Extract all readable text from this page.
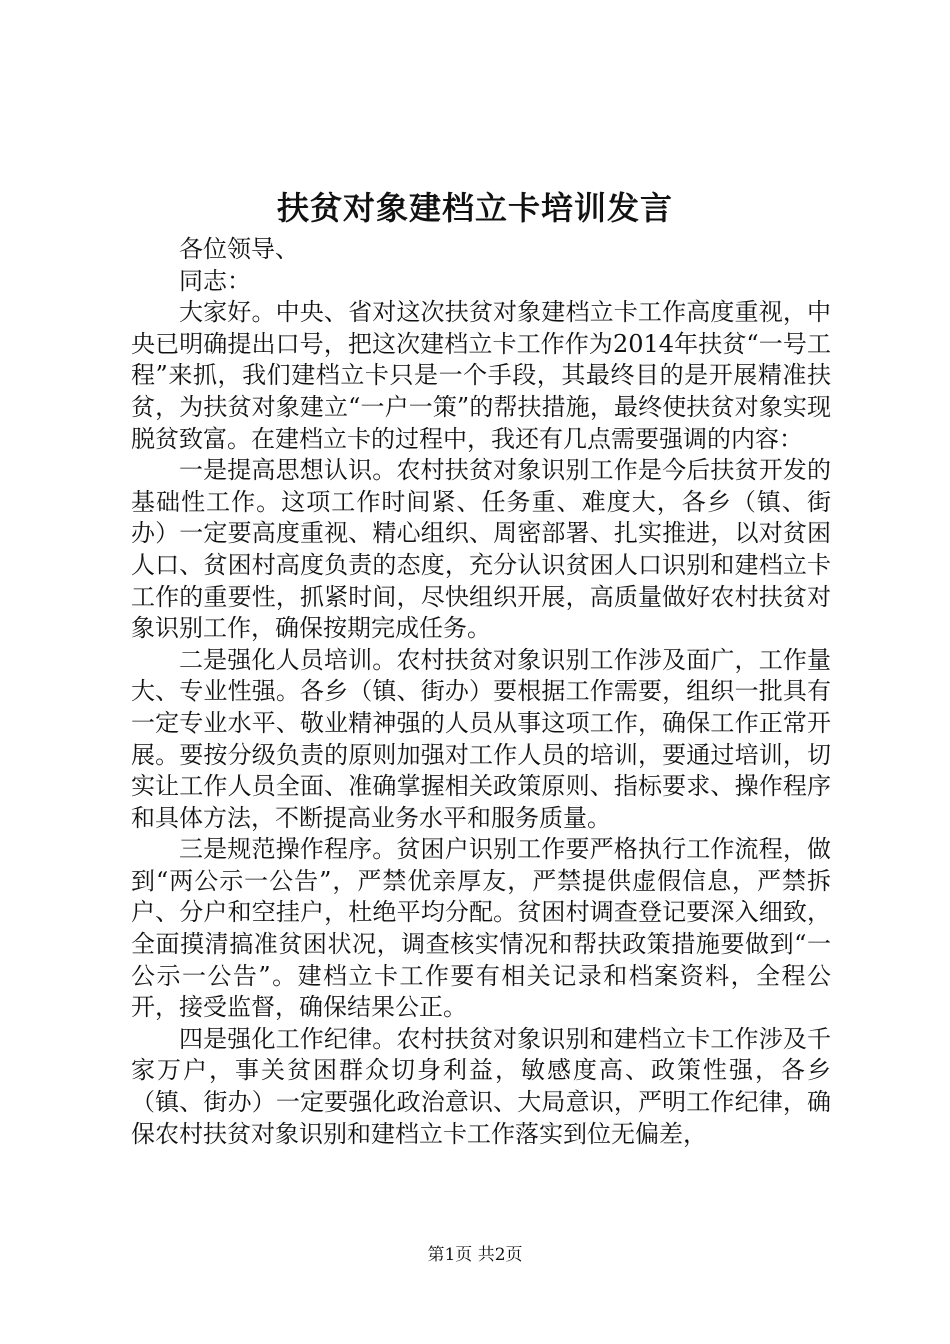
扶贫对象建档立卡培训发言

各位领导、

同志：

大家好。中央、省对这次扶贫对象建档立卡工作高度重视，中央已明确提出口号，把这次建档立卡工作作为2014年扶贫“一号工程”来抓，我们建档立卡只是一个手段，其最终目的是开展精准扶贫，为扶贫对象建立“一户一策”的帮扶措施，最终使扶贫对象实现脱贫致富。在建档立卡的过程中，我还有几点需要强调的内容：

一是提高思想认识。农村扶贫对象识别工作是今后扶贫开发的基础性工作。这项工作时间紧、任务重、难度大，各乡（镇、街办）一定要高度重视、精心组织、周密部署、扎实推进，以对贫困人口、贫困村高度负责的态度，充分认识贫困人口识别和建档立卡工作的重要性，抓紧时间，尽快组织开展，高质量做好农村扶贫对象识别工作，确保按期完成任务。

二是强化人员培训。农村扶贫对象识别工作涉及面广，工作量大、专业性强。各乡（镇、街办）要根据工作需要，组织一批具有一定专业水平、敬业精神强的人员从事这项工作，确保工作正常开展。要按分级负责的原则加强对工作人员的培训，要通过培训，切实让工作人员全面、准确掌握相关政策原则、指标要求、操作程序和具体方法，不断提高业务水平和服务质量。

三是规范操作程序。贫困户识别工作要严格执行工作流程，做到“两公示一公告”，严禁优亲厚友，严禁提供虚假信息，严禁拆户、分户和空挂户，杜绝平均分配。贫困村调查登记要深入细致，全面摸清搞准贫困状况，调查核实情况和帮扶政策措施要做到“一公示一公告”。建档立卡工作要有相关记录和档案资料，全程公开，接受监督，确保结果公正。

四是强化工作纪律。农村扶贫对象识别和建档立卡工作涉及千家万户，事关贫困群众切身利益，敏感度高、政策性强，各乡（镇、街办）一定要强化政治意识、大局意识，严明工作纪律，确保农村扶贫对象识别和建档立卡工作落实到位无偏差，

第1页 共2页
